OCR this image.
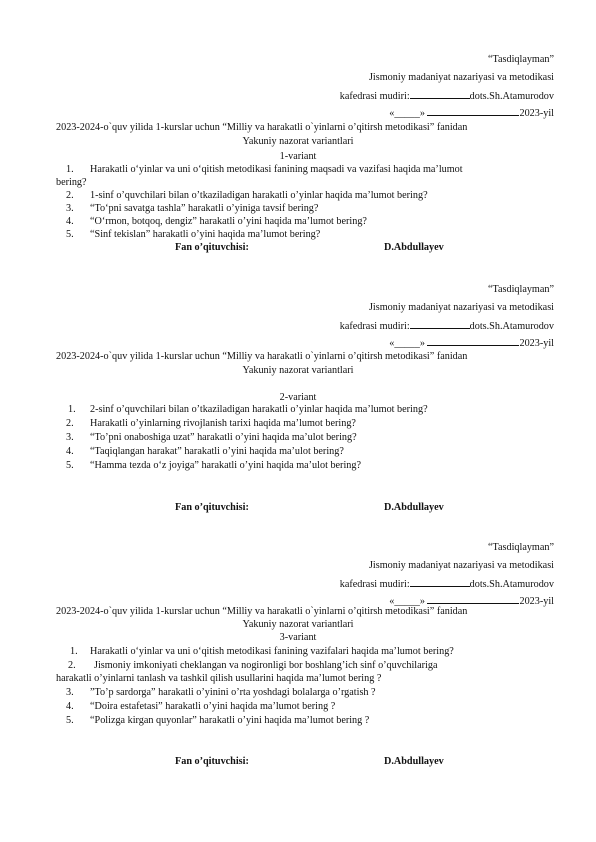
“Tasdiqlayman”
Jismoniy madaniyat nazariyasi va metodikasi
kafedrasi mudiri:	dots.Sh.Atamurodov
«_____»	2023-yil
2023-2024-o`quv yilida 1-kurslar uchun “Milliy va harakatli o`yinlarni o’qitirsh metodikasi” fanidan
Yakuniy nazorat variantlari
1-variant
1. Harakatli o‘yinlar va uni o‘qitish metodikasi fanining maqsadi va vazifasi haqida ma’lumot
bering?
2. 1-sinf o’quvchilari bilan o’tkaziladigan harakatli o’yinlar haqida ma’lumot bering?
3. “To‘pni savatga tashla” harakatli o’yiniga tavsif bering?
4. “O‘rmon, botqoq, dengiz” harakatli o’yini haqida ma’lumot bering?
5. “Sinf tekislan” harakatli o’yini haqida ma’lumot bering?
Fan o’qituvchisi:	D.Abdullayev
“Tasdiqlayman”
Jismoniy madaniyat nazariyasi va metodikasi
kafedrasi mudiri:	dots.Sh.Atamurodov
«_____»	2023-yil
2023-2024-o`quv yilida 1-kurslar uchun “Milliy va harakatli o`yinlarni o’qitirsh metodikasi” fanidan
Yakuniy nazorat variantlari
2-variant
1. 2-sinf o’quvchilari bilan o’tkaziladigan harakatli o’yinlar haqida ma’lumot bering?
2. Harakatli o’yinlarning rivojlanish tarixi haqida ma’lumot bering?
3. “To’pni onaboshiga uzat” harakatli o’yini haqida ma’ulot bering?
4. “Taqiqlangan harakat” harakatli o’yini haqida ma’ulot bering?
5. “Hamma tezda o‘z joyiga” harakatli o’yini haqida ma’ulot bering?
Fan o’qituvchisi:	D.Abdullayev
“Tasdiqlayman”
Jismoniy madaniyat nazariyasi va metodikasi
kafedrasi mudiri:	dots.Sh.Atamurodov
«_____»	2023-yil
2023-2024-o`quv yilida 1-kurslar uchun “Milliy va harakatli o`yinlarni o’qitirsh metodikasi” fanidan
Yakuniy nazorat variantlari
3-variant
1. Harakatli o‘yinlar va uni o‘qitish metodikasi fanining vazifalari haqida ma’lumot bering?
2. Jismoniy imkoniyati cheklangan va nogironligi bor boshlang’ich sinf o’quvchilariga
harakatli o’yinlarni tanlash va tashkil qilish usullarini haqida ma’lumot bering ?
3. ”To’p sardorga” harakatli o’yinini o’rta yoshdagi bolalarga o’rgatish ?
4. “Doira estafetasi” harakatli o’yini haqida ma’lumot bering ?
5. “Polizga kirgan quyonlar” harakatli o’yini haqida ma’lumot bering ?
Fan o’qituvchisi:	D.Abdullayev
